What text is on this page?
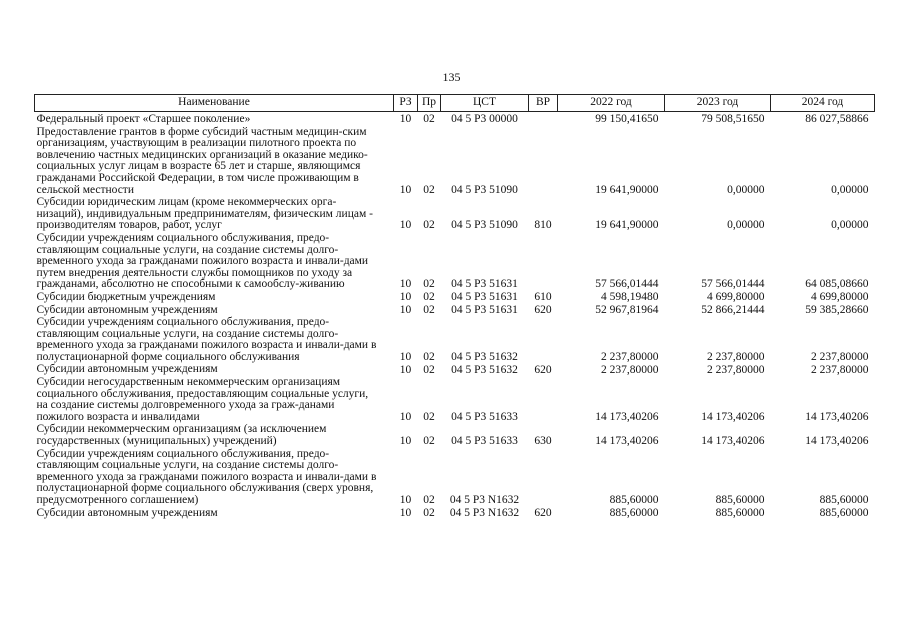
135
Наименование	РЗ	Пр	ЦСТ	ВР	2022 год	2023 год	2024 год
Федеральный проект «Старшее поколение»	10	02	04 5 Р3 00000		99 150,41650	79 508,51650	86 027,58866
Предоставление грантов в форме субсидий частным медицин-ским организациям, участвующим в реализации пилотного проекта по вовлечению частных медицинских организаций в оказание медико-социальных услуг лицам в возрасте 65 лет и старше, являющимся гражданами Российской Федерации, в том числе проживающим в сельской местности	10	02	04 5 Р3 51090		19 641,90000	0,00000	0,00000
Субсидии юридическим лицам (кроме некоммерческих орга-низаций), индивидуальным предпринимателям, физическим лицам - производителям товаров, работ, услуг	10	02	04 5 Р3 51090	810	19 641,90000	0,00000	0,00000
Субсидии учреждениям социального обслуживания, предо-ставляющим социальные услуги, на создание системы долго-временного ухода за гражданами пожилого возраста и инвали-дами путем внедрения деятельности службы помощников по уходу за гражданами, абсолютно не способными к самообслу-живанию	10	02	04 5 Р3 51631		57 566,01444	57 566,01444	64 085,08660
Субсидии бюджетным учреждениям	10	02	04 5 Р3 51631	610	4 598,19480	4 699,80000	4 699,80000
Субсидии автономным учреждениям	10	02	04 5 Р3 51631	620	52 967,81964	52 866,21444	59 385,28660
Субсидии учреждениям социального обслуживания, предо-ставляющим социальные услуги, на создание системы долго-временного ухода за гражданами пожилого возраста и инвали-дами в полустационарной форме социального обслуживания	10	02	04 5 Р3 51632		2 237,80000	2 237,80000	2 237,80000
Субсидии автономным учреждениям	10	02	04 5 Р3 51632	620	2 237,80000	2 237,80000	2 237,80000
Субсидии негосударственным некоммерческим организациям социального обслуживания, предоставляющим социальные услуги, на создание системы долговременного ухода за граж-данами пожилого возраста и инвалидами	10	02	04 5 Р3 51633		14 173,40206	14 173,40206	14 173,40206
Субсидии некоммерческим организациям (за исключением государственных (муниципальных) учреждений)	10	02	04 5 Р3 51633	630	14 173,40206	14 173,40206	14 173,40206
Субсидии учреждениям социального обслуживания, предо-ставляющим социальные услуги, на создание системы долго-временного ухода за гражданами пожилого возраста и инвали-дами в полустационарной форме социального обслуживания (сверх уровня, предусмотренного соглашением)	10	02	04 5 Р3 N1632		885,60000	885,60000	885,60000
Субсидии автономным учреждениям	10	02	04 5 Р3 N1632	620	885,60000	885,60000	885,60000
